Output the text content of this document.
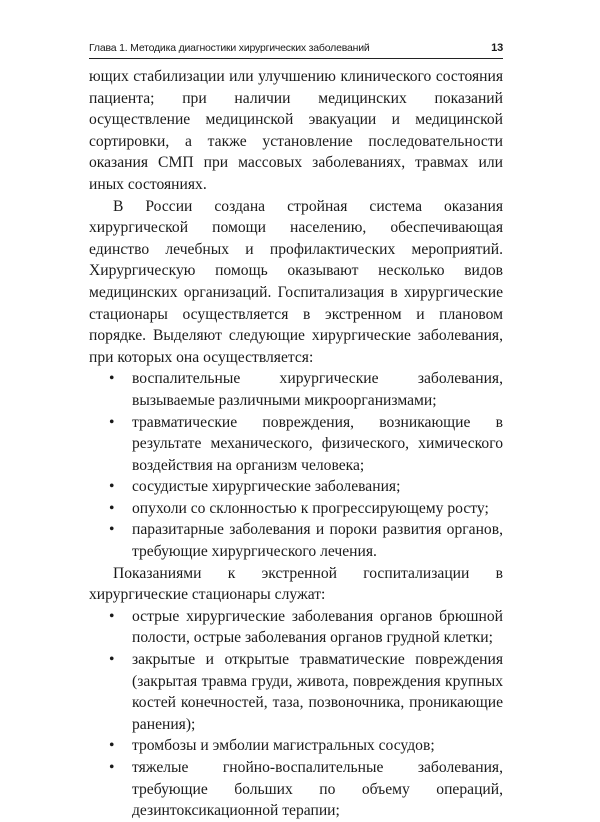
Глава 1. Методика диагностики хирургических заболеваний	13

ющих стабилизации или улучшению клинического состояния пациента; при наличии медицинских показаний осуществление медицинской эвакуации и медицинской сортировки, а также установление последовательности оказания СМП при массовых заболеваниях, травмах или иных состояниях.

В России создана стройная система оказания хирургической помощи населению, обеспечивающая единство лечебных и профилактических мероприятий. Хирургическую помощь оказывают несколько видов медицинских организаций. Госпитализация в хирургические стационары осуществляется в экстренном и плановом порядке. Выделяют следующие хирургические заболевания, при которых она осуществляется:

• воспалительные хирургические заболевания, вызываемые различными микроорганизмами;
• травматические повреждения, возникающие в результате механического, физического, химического воздействия на организм человека;
• сосудистые хирургические заболевания;
• опухоли со склонностью к прогрессирующему росту;
• паразитарные заболевания и пороки развития органов, требующие хирургического лечения.

Показаниями к экстренной госпитализации в хирургические стационары служат:

• острые хирургические заболевания органов брюшной полости, острые заболевания органов грудной клетки;
• закрытые и открытые травматические повреждения (закрытая травма груди, живота, повреждения крупных костей конечностей, таза, позвоночника, проникающие ранения);
• тромбозы и эмболии магистральных сосудов;
• тяжелые гнойно-воспалительные заболевания, требующие больших по объему операций, дезинтоксикационной терапии;
